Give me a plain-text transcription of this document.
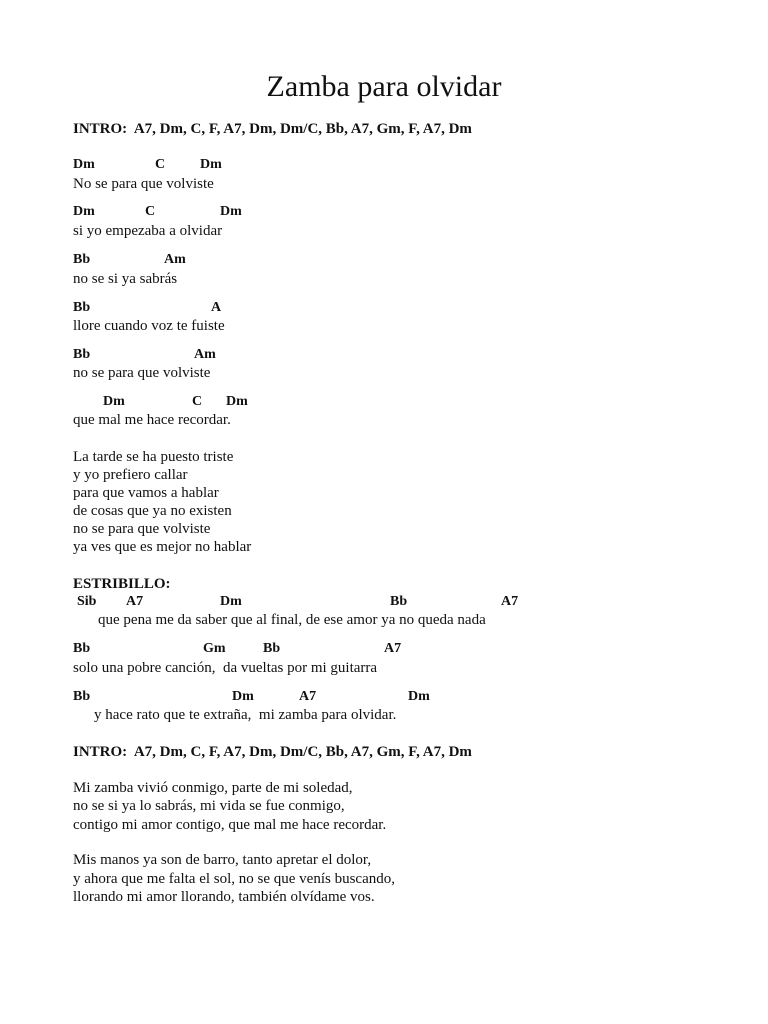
Zamba para olvidar
INTRO:  A7, Dm, C, F, A7, Dm, Dm/C, Bb, A7, Gm, F, A7, Dm
Dm	C Dm
No se para que volviste
Dm	C	Dm
si yo empezaba a olvidar
Bb	Am
no se si ya sabrás
Bb	A
llore cuando voz te fuiste
Bb	Am
no se para que volviste
Dm	C Dm
que mal me hace recordar.
La tarde se ha puesto triste
y yo prefiero callar
para que vamos a hablar
de cosas que ya no existen
no se para que volviste
ya ves que es mejor no hablar
ESTRIBILLO:
Sib A7	Dm	Bb	A7
que pena me da saber que al final, de ese amor ya no queda nada
Bb	Gm	Bb	A7
solo una pobre canción,  da vueltas por mi guitarra
Bb	Dm	A7	Dm
y hace rato que te extraña,  mi zamba para olvidar.
INTRO:  A7, Dm, C, F, A7, Dm, Dm/C, Bb, A7, Gm, F, A7, Dm
Mi zamba vivió conmigo, parte de mi soledad,
no se si ya lo sabrás, mi vida se fue conmigo,
contigo mi amor contigo, que mal me hace recordar.
Mis manos ya son de barro, tanto apretar el dolor,
y ahora que me falta el sol, no se que venís buscando,
llorando mi amor llorando, también olvídame vos.
